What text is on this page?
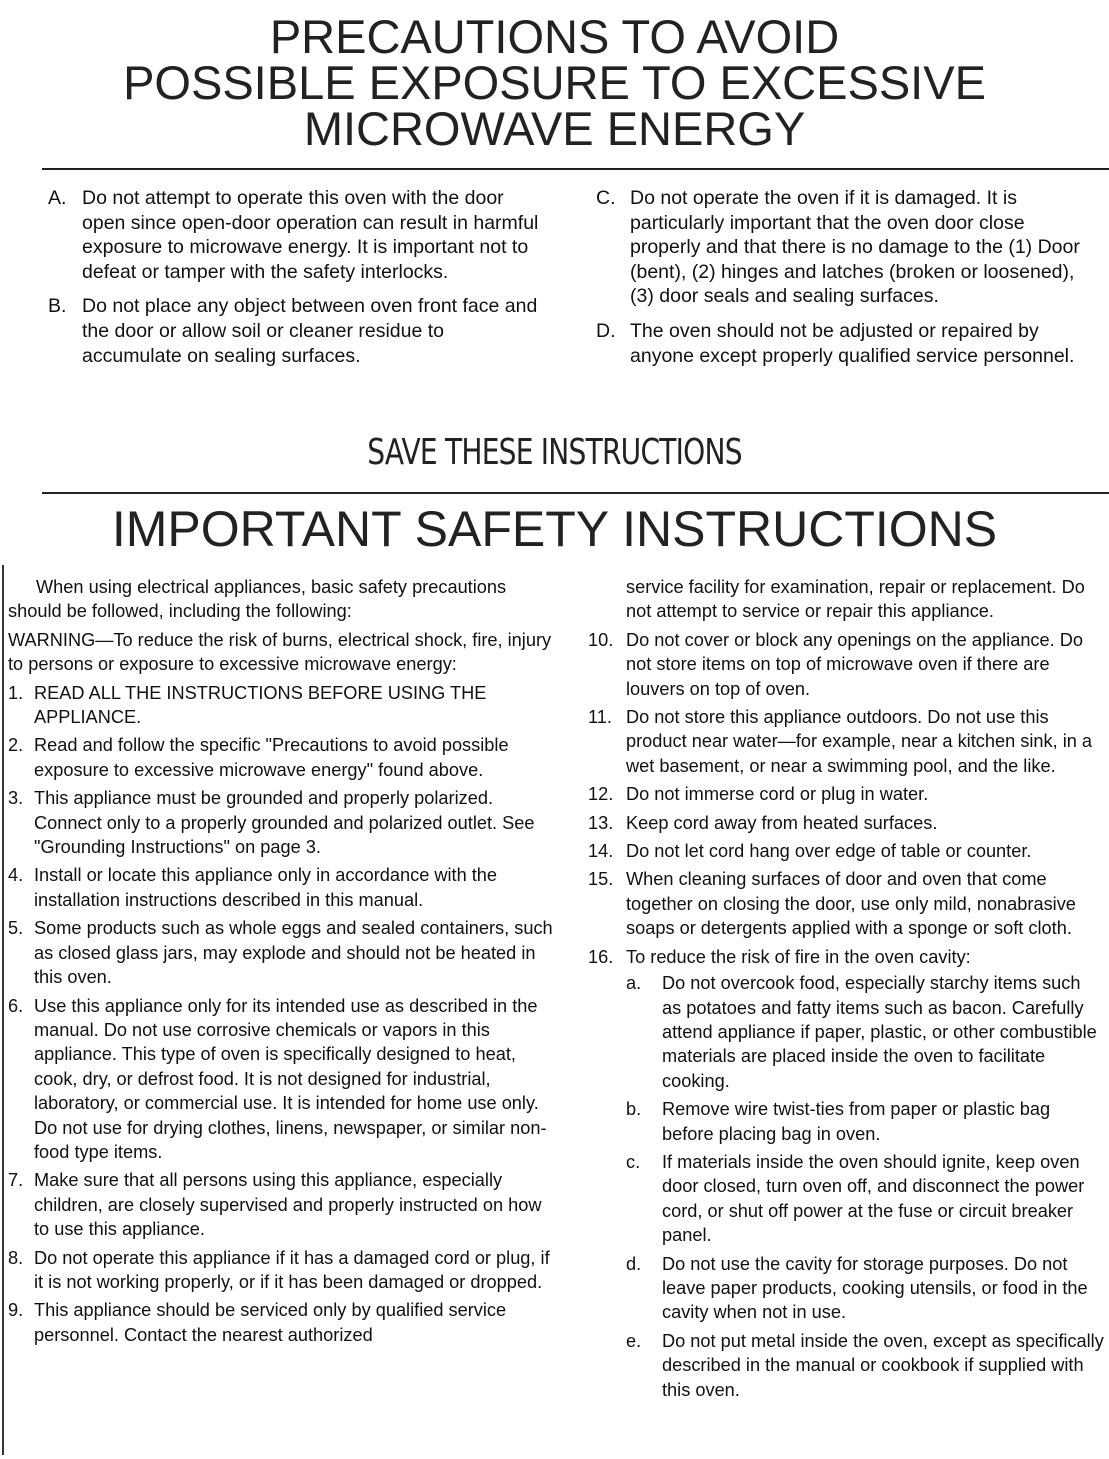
PRECAUTIONS TO AVOID
POSSIBLE EXPOSURE TO EXCESSIVE
MICROWAVE ENERGY
A. Do not attempt to operate this oven with the door open since open-door operation can result in harmful exposure to microwave energy. It is important not to defeat or tamper with the safety interlocks.
B. Do not place any object between oven front face and the door or allow soil or cleaner residue to accumulate on sealing surfaces.
C. Do not operate the oven if it is damaged. It is particularly important that the oven door close properly and that there is no damage to the (1) Door (bent), (2) hinges and latches (broken or loosened), (3) door seals and sealing surfaces.
D. The oven should not be adjusted or repaired by anyone except properly qualified service personnel.
SAVE THESE INSTRUCTIONS
IMPORTANT SAFETY INSTRUCTIONS

When using electrical appliances, basic safety precautions should be followed, including the following:

WARNING—To reduce the risk of burns, electrical shock, fire, injury to persons or exposure to excessive microwave energy:

1. READ ALL THE INSTRUCTIONS BEFORE USING THE APPLIANCE.
2. Read and follow the specific "Precautions to avoid possible exposure to excessive microwave energy" found above.
3. This appliance must be grounded and properly polarized. Connect only to a properly grounded and polarized outlet. See "Grounding Instructions" on page 3.
4. Install or locate this appliance only in accordance with the installation instructions described in this manual.
5. Some products such as whole eggs and sealed containers, such as closed glass jars, may explode and should not be heated in this oven.
6. Use this appliance only for its intended use as described in the manual. Do not use corrosive chemicals or vapors in this appliance. This type of oven is specifically designed to heat, cook, dry, or defrost food. It is not designed for industrial, laboratory, or commercial use. It is intended for home use only. Do not use for drying clothes, linens, newspaper, or similar non-food type items.
7. Make sure that all persons using this appliance, especially children, are closely supervised and properly instructed on how to use this appliance.
8. Do not operate this appliance if it has a damaged cord or plug, if it is not working properly, or if it has been damaged or dropped.
9. This appliance should be serviced only by qualified service personnel. Contact the nearest authorized

service facility for examination, repair or replacement. Do not attempt to service or repair this appliance.

10. Do not cover or block any openings on the appliance. Do not store items on top of microwave oven if there are louvers on top of oven.
11. Do not store this appliance outdoors. Do not use this product near water—for example, near a kitchen sink, in a wet basement, or near a swimming pool, and the like.
12. Do not immerse cord or plug in water.
13. Keep cord away from heated surfaces.
14. Do not let cord hang over edge of table or counter.
15. When cleaning surfaces of door and oven that come together on closing the door, use only mild, nonabrasive soaps or detergents applied with a sponge or soft cloth.
16. To reduce the risk of fire in the oven cavity:
a. Do not overcook food, especially starchy items such as potatoes and fatty items such as bacon. Carefully attend appliance if paper, plastic, or other combustible materials are placed inside the oven to facilitate cooking.
b. Remove wire twist-ties from paper or plastic bag before placing bag in oven.
c. If materials inside the oven should ignite, keep oven door closed, turn oven off, and disconnect the power cord, or shut off power at the fuse or circuit breaker panel.
d. Do not use the cavity for storage purposes. Do not leave paper products, cooking utensils, or food in the cavity when not in use.
e. Do not put metal inside the oven, except as specifically described in the manual or cookbook if supplied with this oven.
